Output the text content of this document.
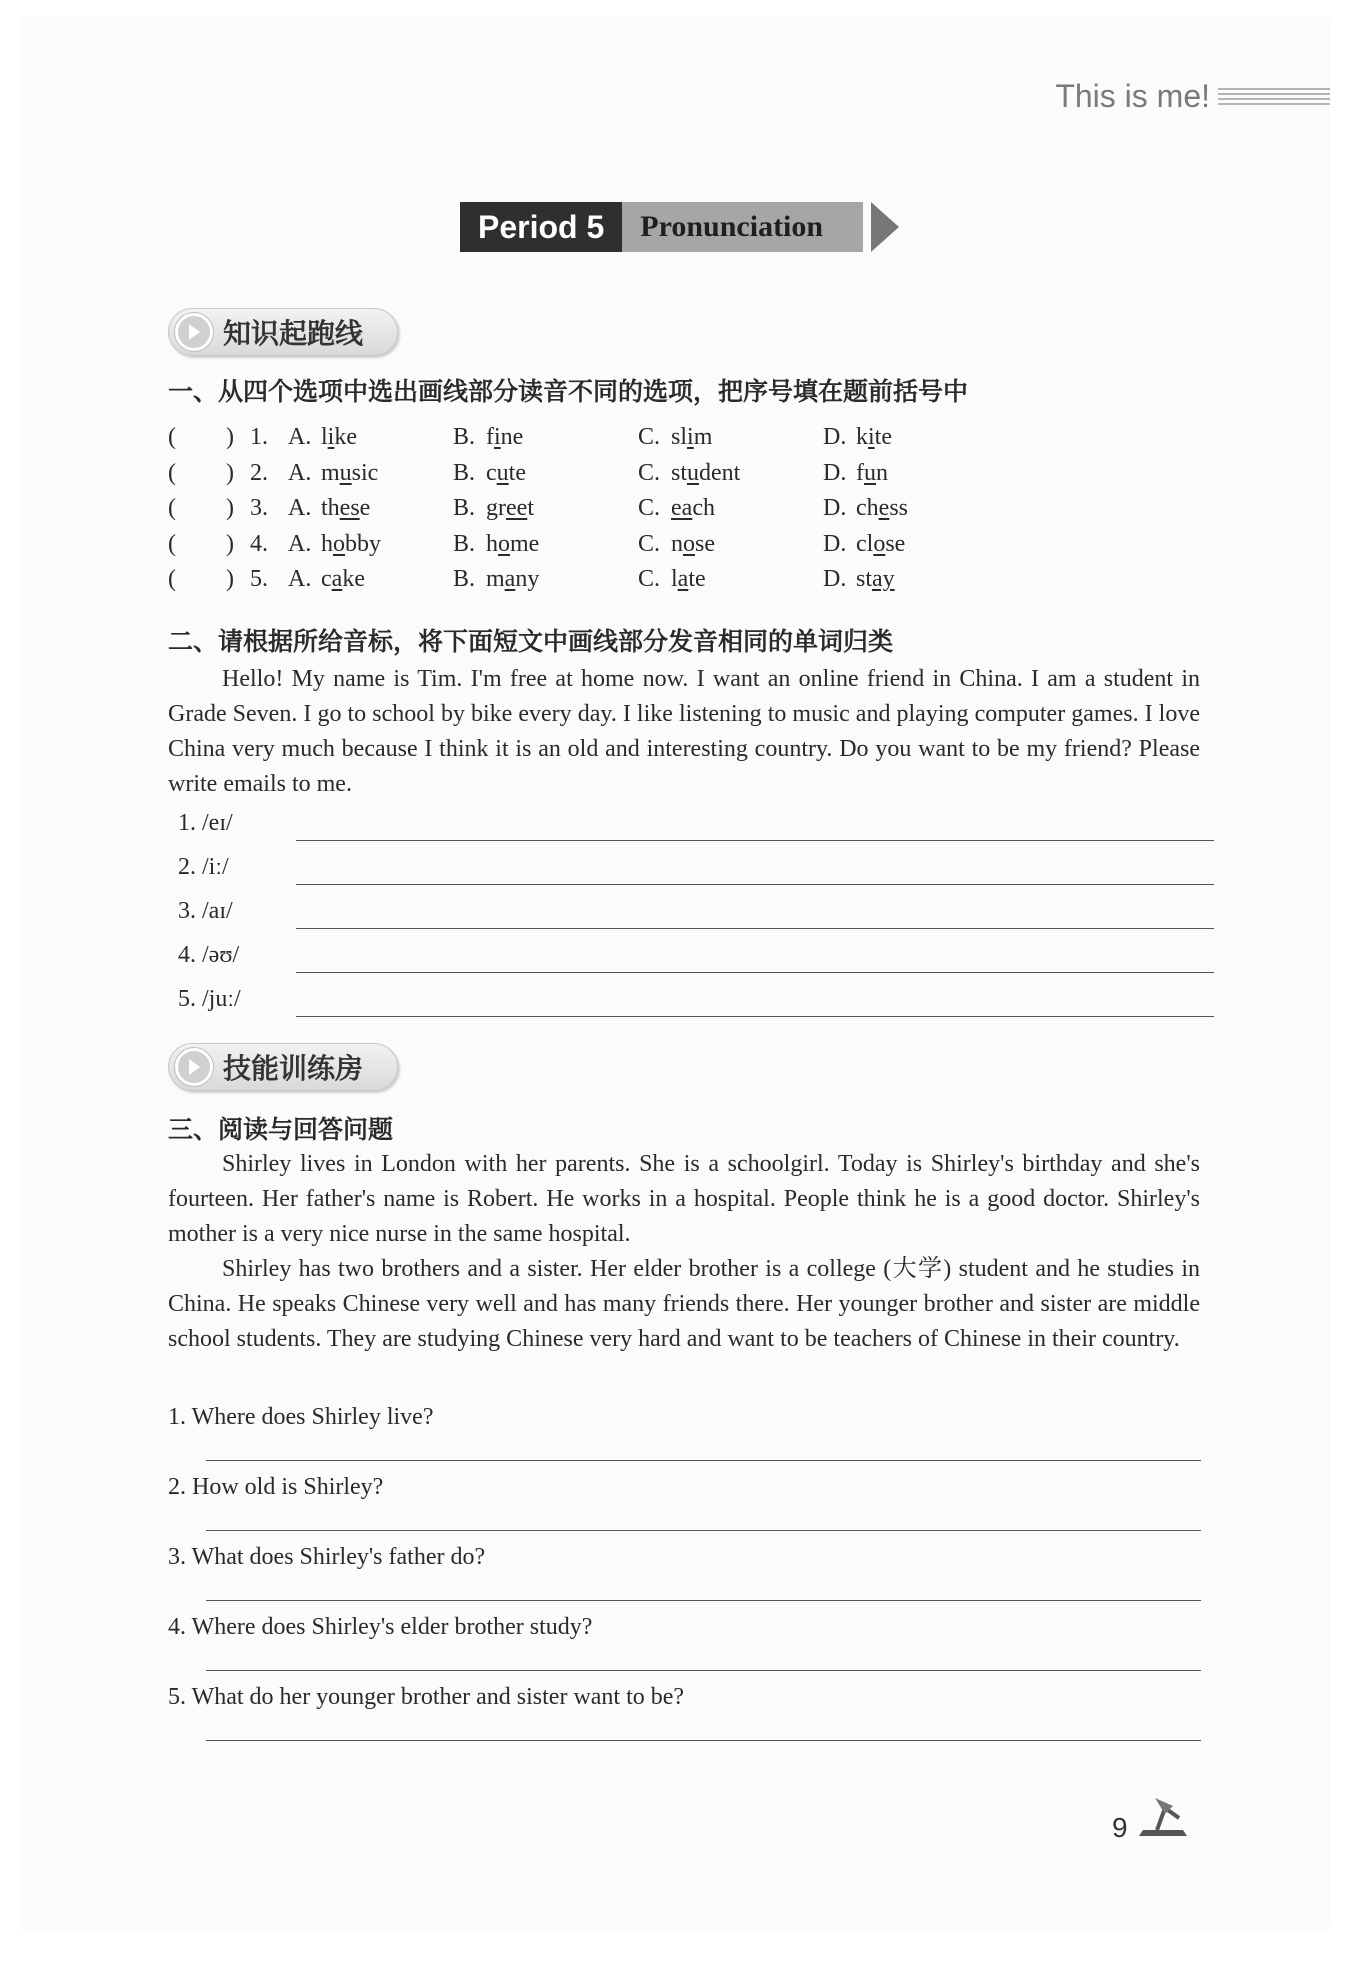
This is me!
Period 5	Pronunciation
知识起跑线
一、从四个选项中选出画线部分读音不同的选项，把序号填在题前括号中
( ) 1. A. like	B. fine	C. slim	D. kite
( ) 2. A. music	B. cute	C. student	D. fun
( ) 3. A. these	B. greet	C. each	D. chess
( ) 4. A. hobby	B. home	C. nose	D. close
( ) 5. A. cake	B. many	C. late	D. stay
二、请根据所给音标，将下面短文中画线部分发音相同的单词归类
Hello! My name is Tim. I'm free at home now. I want an online friend in China. I am a student in Grade Seven. I go to school by bike every day. I like listening to music and playing computer games. I love China very much because I think it is an old and interesting country. Do you want to be my friend? Please write emails to me.
1. /eɪ/
2. /iː/
3. /aɪ/
4. /əʊ/
5. /juː/
技能训练房
三、阅读与回答问题
Shirley lives in London with her parents. She is a schoolgirl. Today is Shirley's birthday and she's fourteen. Her father's name is Robert. He works in a hospital. People think he is a good doctor. Shirley's mother is a very nice nurse in the same hospital.
Shirley has two brothers and a sister. Her elder brother is a college (大学) student and he studies in China. He speaks Chinese very well and has many friends there. Her younger brother and sister are middle school students. They are studying Chinese very hard and want to be teachers of Chinese in their country.
1. Where does Shirley live?
2. How old is Shirley?
3. What does Shirley's father do?
4. Where does Shirley's elder brother study?
5. What do her younger brother and sister want to be?
9
